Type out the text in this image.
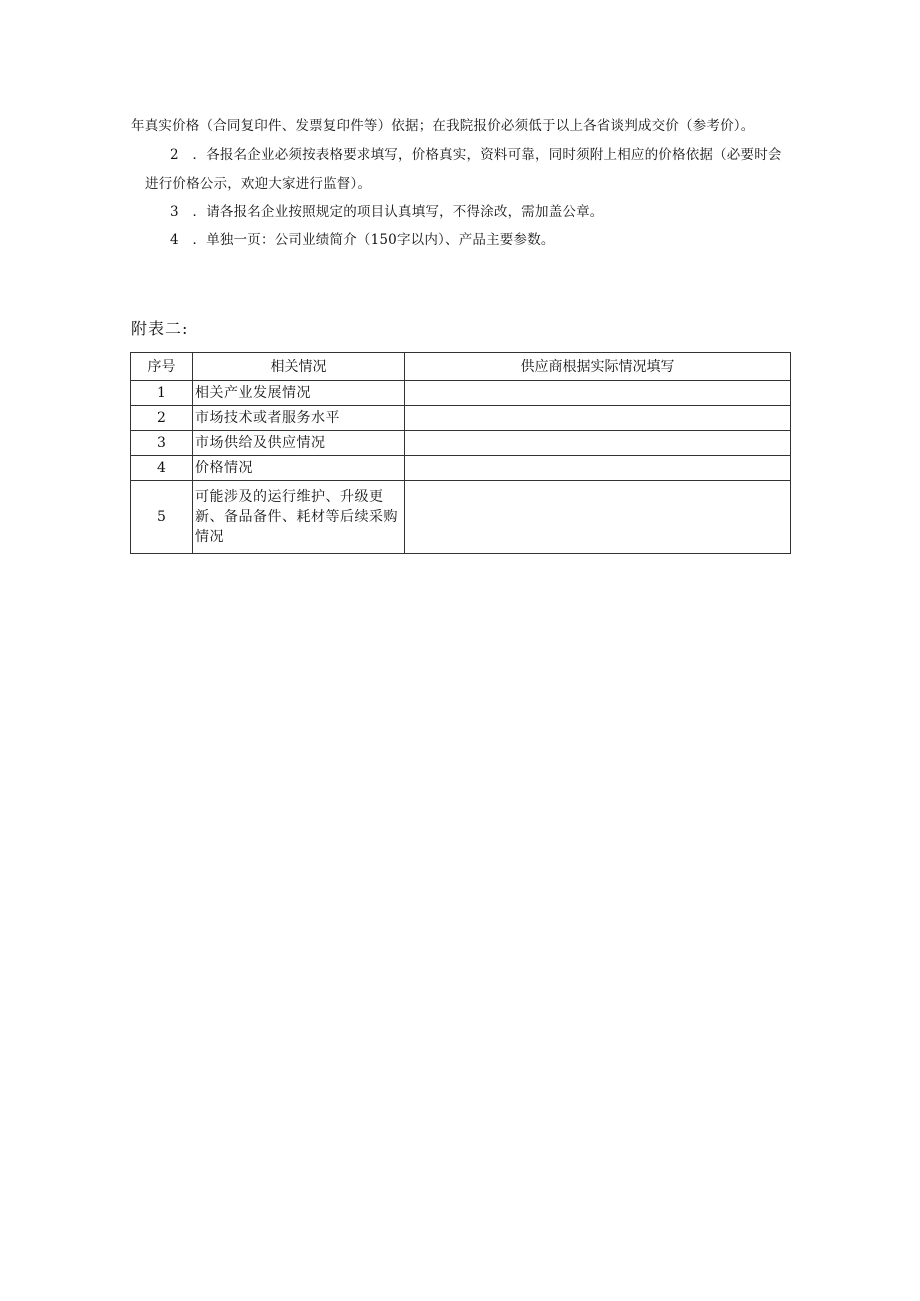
年真实价格（合同复印件、发票复印件等）依据；在我院报价必须低于以上各省谈判成交价（参考价）。
2　．各报名企业必须按表格要求填写，价格真实，资料可靠，同时须附上相应的价格依据（必要时会
进行价格公示，欢迎大家进行监督）。
3　．请各报名企业按照规定的项目认真填写，不得涂改，需加盖公章。
4　．单独一页：公司业绩简介（150字以内）、产品主要参数。
附表二:
序号	相关情况	供应商根据实际情况填写
1	相关产业发展情况	
2	市场技术或者服务水平	
3	市场供给及供应情况	
4	价格情况	
5	可能涉及的运行维护、升级更新、备品备件、耗材等后续采购情况	
